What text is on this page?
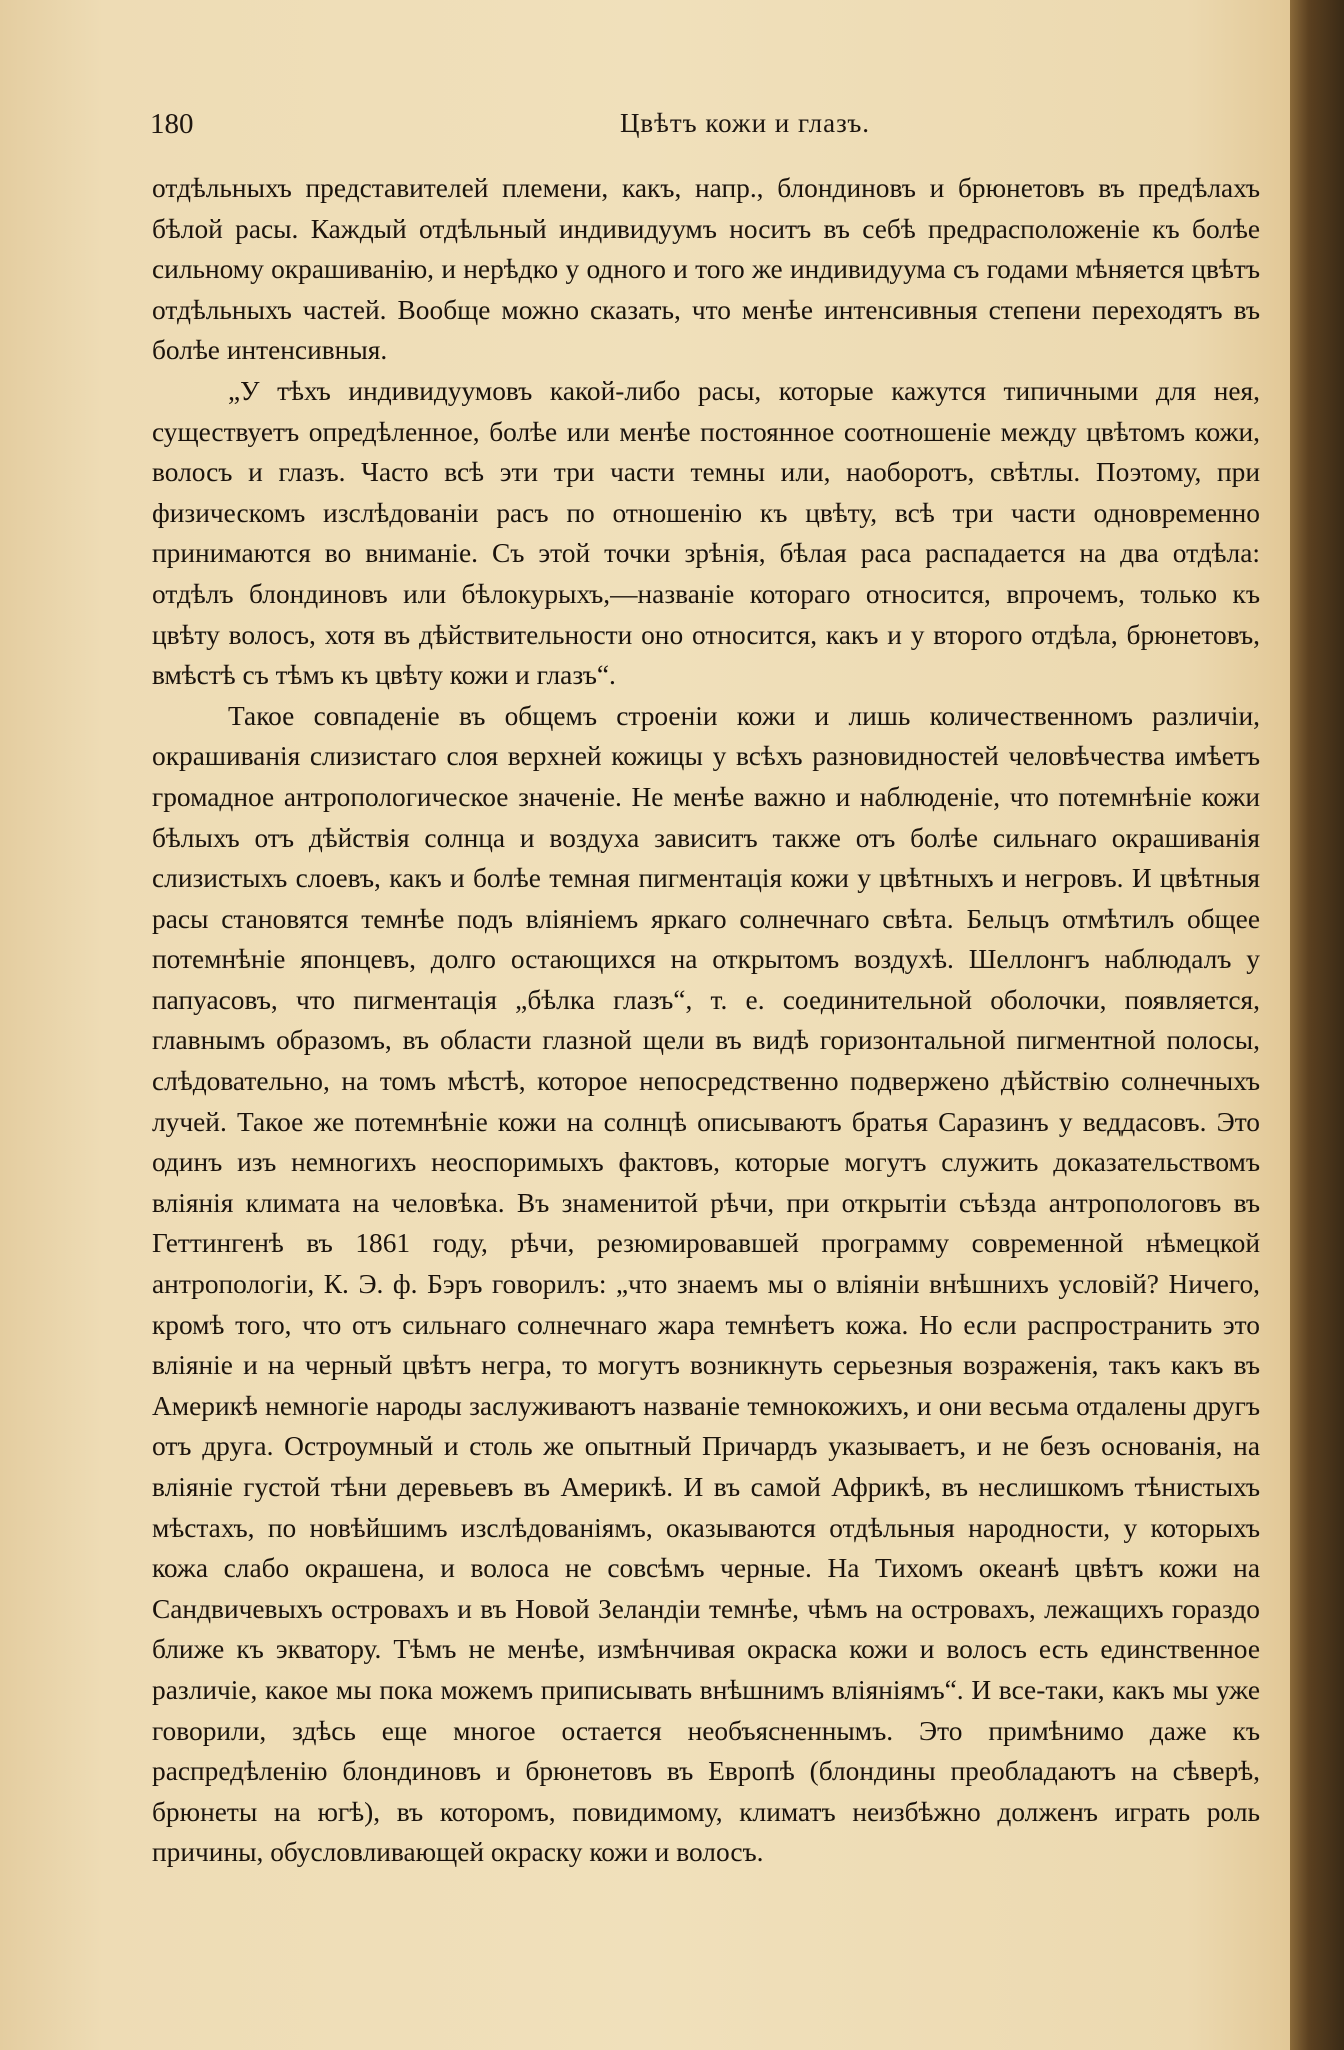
180	Цвѣтъ кожи и глазъ.

отдѣльныхъ представителей племени, какъ, напр., блондиновъ и брюнетовъ въ предѣлахъ бѣлой расы. Каждый отдѣльный индивидуумъ носитъ въ себѣ предрасположеніе къ болѣе сильному окрашиванію, и нерѣдко у одного и того же индивидуума съ годами мѣняется цвѣтъ отдѣльныхъ частей. Вообще можно сказать, что менѣе интенсивныя степени переходятъ въ болѣе интенсивныя.

„У тѣхъ индивидуумовъ какой-либо расы, которые кажутся типичными для нея, существуетъ опредѣленное, болѣе или менѣе постоянное соотношеніе между цвѣтомъ кожи, волосъ и глазъ. Часто всѣ эти три части темны или, наоборотъ, свѣтлы. Поэтому, при физическомъ изслѣдованіи расъ по отношенію къ цвѣту, всѣ три части одновременно принимаются во вниманіе. Съ этой точки зрѣнія, бѣлая раса распадается на два отдѣла: отдѣлъ блондиновъ или бѣлокурыхъ,—названіе котораго относится, впрочемъ, только къ цвѣту волосъ, хотя въ дѣйствительности оно относится, какъ и у второго отдѣла, брюнетовъ, вмѣстѣ съ тѣмъ къ цвѣту кожи и глазъ“.

Такое совпаденіе въ общемъ строеніи кожи и лишь количественномъ различіи, окрашиванія слизистаго слоя верхней кожицы у всѣхъ разновидностей человѣчества имѣетъ громадное антропологическое значеніе. Не менѣе важно и наблюденіе, что потемнѣніе кожи бѣлыхъ отъ дѣйствія солнца и воздуха зависитъ также отъ болѣе сильнаго окрашиванія слизистыхъ слоевъ, какъ и болѣе темная пигментація кожи у цвѣтныхъ и негровъ. И цвѣтныя расы становятся темнѣе подъ вліяніемъ яркаго солнечнаго свѣта. Бельцъ отмѣтилъ общее потемнѣніе японцевъ, долго остающихся на открытомъ воздухѣ. Шеллонгъ наблюдалъ у папуасовъ, что пигментація „бѣлка глазъ“, т. е. соединительной оболочки, появляется, главнымъ образомъ, въ области глазной щели въ видѣ горизонтальной пигментной полосы, слѣдовательно, на томъ мѣстѣ, которое непосредственно подвержено дѣйствію солнечныхъ лучей. Такое же потемнѣніе кожи на солнцѣ описываютъ братья Саразинъ у веддасовъ. Это одинъ изъ немногихъ неоспоримыхъ фактовъ, которые могутъ служить доказательствомъ вліянія климата на человѣка. Въ знаменитой рѣчи, при открытіи съѣзда антропологовъ въ Геттингенѣ въ 1861 году, рѣчи, резюмировавшей программу современной нѣмецкой антропологіи, К. Э. ф. Бэръ говорилъ: „что знаемъ мы о вліяніи внѣшнихъ условій? Ничего, кромѣ того, что отъ сильнаго солнечнаго жара темнѣетъ кожа. Но если распространить это вліяніе и на черный цвѣтъ негра, то могутъ возникнуть серьезныя возраженія, такъ какъ въ Америкѣ немногіе народы заслуживаютъ названіе темнокожихъ, и они весьма отдалены другъ отъ друга. Остроумный и столь же опытный Причардъ указываетъ, и не безъ основанія, на вліяніе густой тѣни деревьевъ въ Америкѣ. И въ самой Африкѣ, въ неслишкомъ тѣнистыхъ мѣстахъ, по новѣйшимъ изслѣдованіямъ, оказываются отдѣльныя народности, у которыхъ кожа слабо окрашена, и волоса не совсѣмъ черные. На Тихомъ океанѣ цвѣтъ кожи на Сандвичевыхъ островахъ и въ Новой Зеландіи темнѣе, чѣмъ на островахъ, лежащихъ гораздо ближе къ экватору. Тѣмъ не менѣе, измѣнчивая окраска кожи и волосъ есть единственное различіе, какое мы пока можемъ приписывать внѣшнимъ вліяніямъ“. И все-таки, какъ мы уже говорили, здѣсь еще многое остается необъясненнымъ. Это примѣнимо даже къ распредѣленію блондиновъ и брюнетовъ въ Европѣ (блондины преобладаютъ на сѣверѣ, брюнеты на югѣ), въ которомъ, повидимому, климатъ неизбѣжно долженъ играть роль причины, обусловливающей окраску кожи и волосъ.
